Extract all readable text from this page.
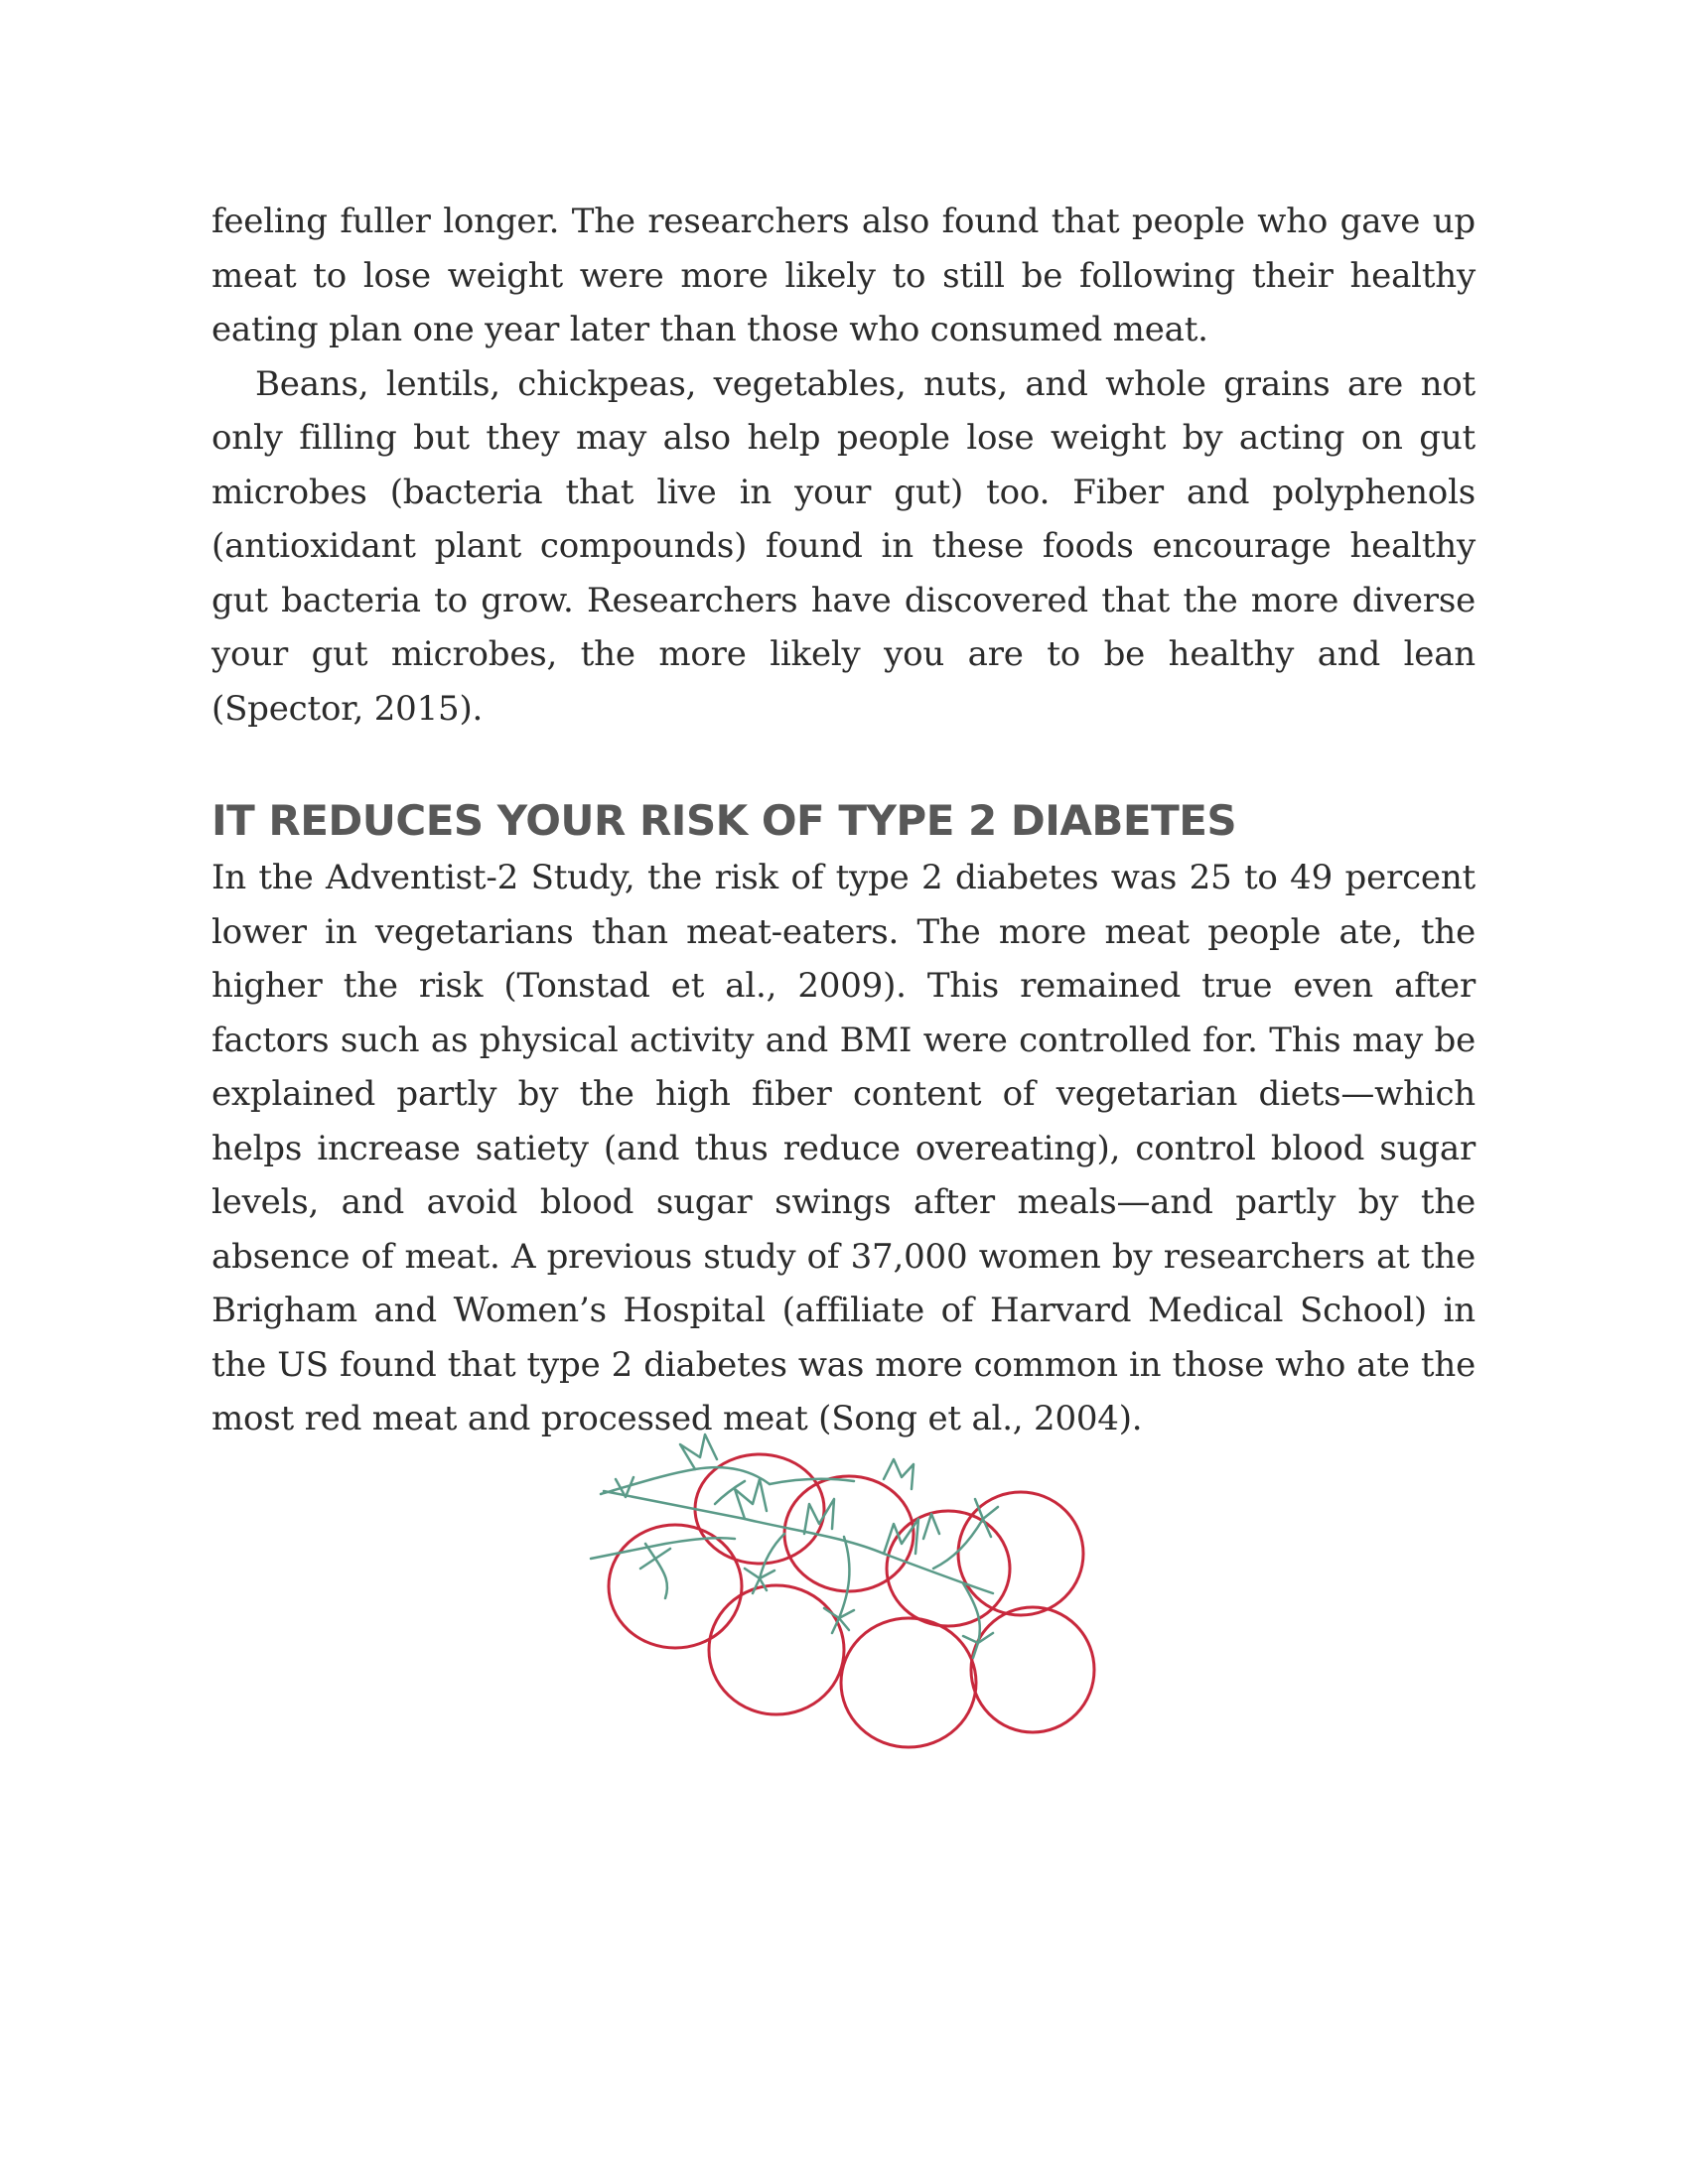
feeling fuller longer. The researchers also found that people who gave up meat to lose weight were more likely to still be following their healthy eating plan one year later than those who consumed meat.

Beans, lentils, chickpeas, vegetables, nuts, and whole grains are not only filling but they may also help people lose weight by acting on gut microbes (bacteria that live in your gut) too. Fiber and polyphenols (antioxidant plant compounds) found in these foods encourage healthy gut bacteria to grow. Researchers have discovered that the more diverse your gut microbes, the more likely you are to be healthy and lean (Spector, 2015).

IT REDUCES YOUR RISK OF TYPE 2 DIABETES

In the Adventist-2 Study, the risk of type 2 diabetes was 25 to 49 percent lower in vegetarians than meat-eaters. The more meat people ate, the higher the risk (Tonstad et al., 2009). This remained true even after factors such as physical activity and BMI were controlled for. This may be explained partly by the high fiber content of vegetarian diets—which helps increase satiety (and thus reduce overeating), control blood sugar levels, and avoid blood sugar swings after meals—and partly by the absence of meat. A previous study of 37,000 women by researchers at the Brigham and Women’s Hospital (affiliate of Harvard Medical School) in the US found that type 2 diabetes was more common in those who ate the most red meat and processed meat (Song et al., 2004).
